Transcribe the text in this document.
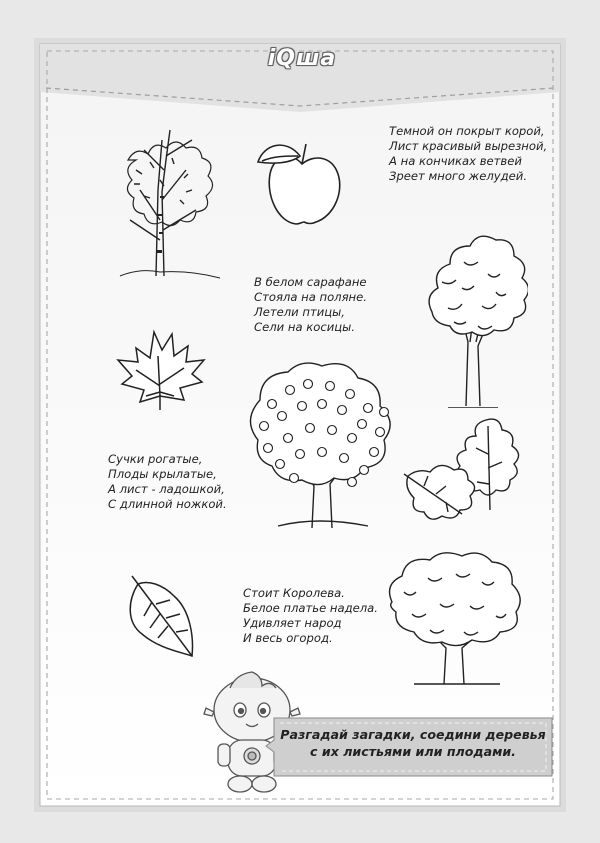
iQша

Темной он покрыт корой,
Лист красивый вырезной,
А на кончиках ветвей
Зреет много желудей.

В белом сарафане
Стояла на поляне.
Летели птицы,
Сели на косицы.

Сучки рогатые,
Плоды крылатые,
А лист - ладошкой,
С длинной ножкой.

Стоит Королева.
Белое платье надела.
Удивляет народ
И весь огород.

Разгадай загадки, соедини деревья
с их листьями или плодами.
